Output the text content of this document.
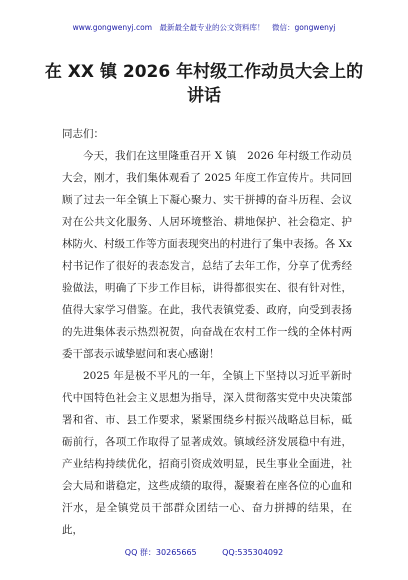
www.gongwenyj.com　最新最全最专业的公文资料库！　微信：gongwenyj
在 XX 镇 2026 年村级工作动员大会上的讲话

同志们：

今天，我们在这里隆重召开 X 镇　2026 年村级工作动员大会，刚才，我们集体观看了 2025 年度工作宣传片。共同回顾了过去一年全镇上下凝心聚力、实干拼搏的奋斗历程、会议对在公共文化服务、人居环境整治、耕地保护、社会稳定、护林防火、村级工作等方面表现突出的村进行了集中表扬。各 Xx 村书记作了很好的表态发言，总结了去年工作，分享了优秀经验做法，明确了下步工作目标，讲得都很实在、很有针对性，值得大家学习借鉴。在此，我代表镇党委、政府，向受到表扬的先进集体表示热烈祝贺，向奋战在农村工作一线的全体村两委干部表示诚挚慰问和衷心感谢！

2025 年是极不平凡的一年，全镇上下坚持以习近平新时代中国特色社会主义思想为指导，深入贯彻落实党中央决策部署和省、市、县工作要求，紧紧围绕乡村振兴战略总目标，砥砺前行，各项工作取得了显著成效。镇域经济发展稳中有进，产业结构持续优化，招商引资成效明显，民生事业全面进，社会大局和谐稳定，这些成绩的取得，凝聚着在座各位的心血和汗水，是全镇党员干部群众团结一心、奋力拼搏的结果，在此，

QQ 群：30265665	QQ:535304092
